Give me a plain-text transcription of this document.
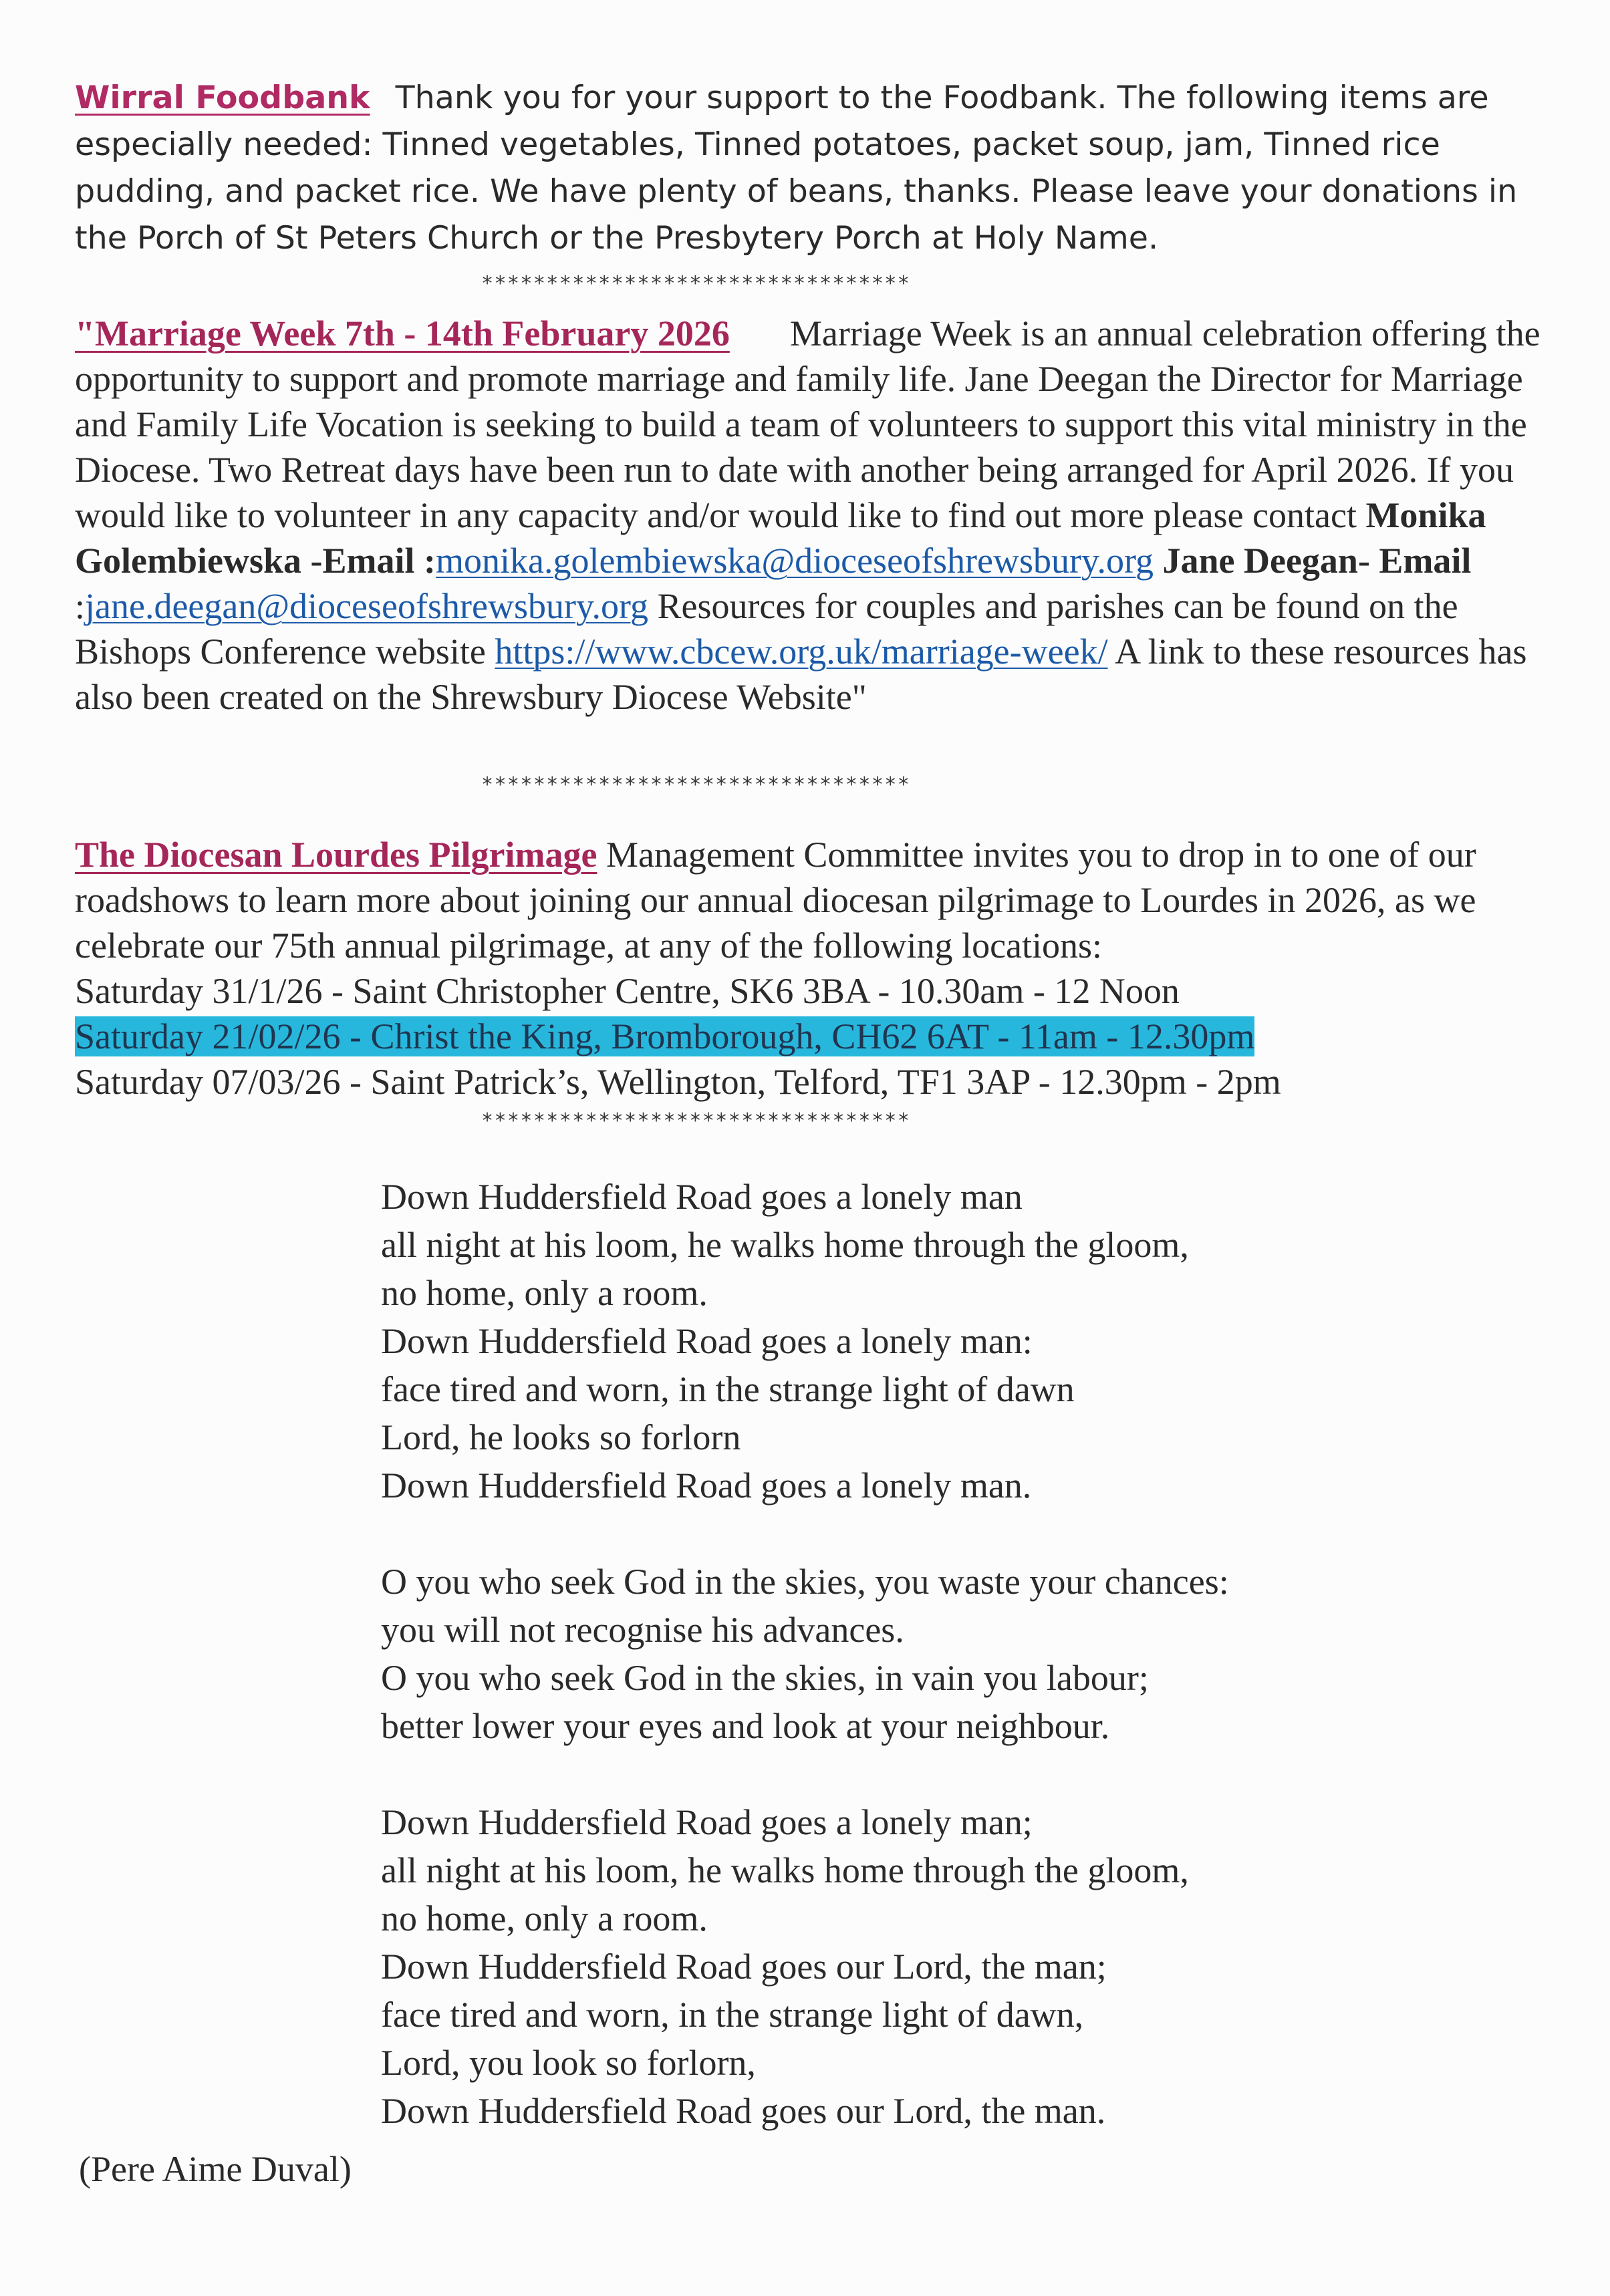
Wirral Foodbank Thank you for your support to the Foodbank. The following items are especially needed: Tinned vegetables, Tinned potatoes, packet soup, jam, Tinned rice pudding, and packet rice. We have plenty of beans, thanks. Please leave your donations in the Porch of St Peters Church or the Presbytery Porch at Holy Name.
*********************************
"Marriage Week 7th - 14th February 2026 Marriage Week is an annual celebration offering the opportunity to support and promote marriage and family life. Jane Deegan the Director for Marriage and Family Life Vocation is seeking to build a team of volunteers to support this vital ministry in the Diocese. Two Retreat days have been run to date with another being arranged for April 2026. If you would like to volunteer in any capacity and/or would like to find out more please contact Monika Golembiewska -Email :monika.golembiewska@dioceseofshrewsbury.org Jane Deegan- Email :jane.deegan@dioceseofshrewsbury.org Resources for couples and parishes can be found on the Bishops Conference website https://www.cbcew.org.uk/marriage-week/ A link to these resources has also been created on the Shrewsbury Diocese Website"
*********************************
The Diocesan Lourdes Pilgrimage Management Committee invites you to drop in to one of our roadshows to learn more about joining our annual diocesan pilgrimage to Lourdes in 2026, as we celebrate our 75th annual pilgrimage, at any of the following locations:
Saturday 31/1/26 - Saint Christopher Centre, SK6 3BA - 10.30am - 12 Noon
Saturday 21/02/26 - Christ the King, Bromborough, CH62 6AT - 11am - 12.30pm
Saturday 07/03/26 - Saint Patrick’s, Wellington, Telford, TF1 3AP - 12.30pm - 2pm
*********************************
Down Huddersfield Road goes a lonely man
all night at his loom, he walks home through the gloom,
no home, only a room.
Down Huddersfield Road goes a lonely man:
face tired and worn, in the strange light of dawn
Lord, he looks so forlorn
Down Huddersfield Road goes a lonely man.
O you who seek God in the skies, you waste your chances:
you will not recognise his advances.
O you who seek God in the skies, in vain you labour;
better lower your eyes and look at your neighbour.
Down Huddersfield Road goes a lonely man;
all night at his loom, he walks home through the gloom,
no home, only a room.
Down Huddersfield Road goes our Lord, the man;
face tired and worn, in the strange light of dawn,
Lord, you look so forlorn,
Down Huddersfield Road goes our Lord, the man.
(Pere Aime Duval)
